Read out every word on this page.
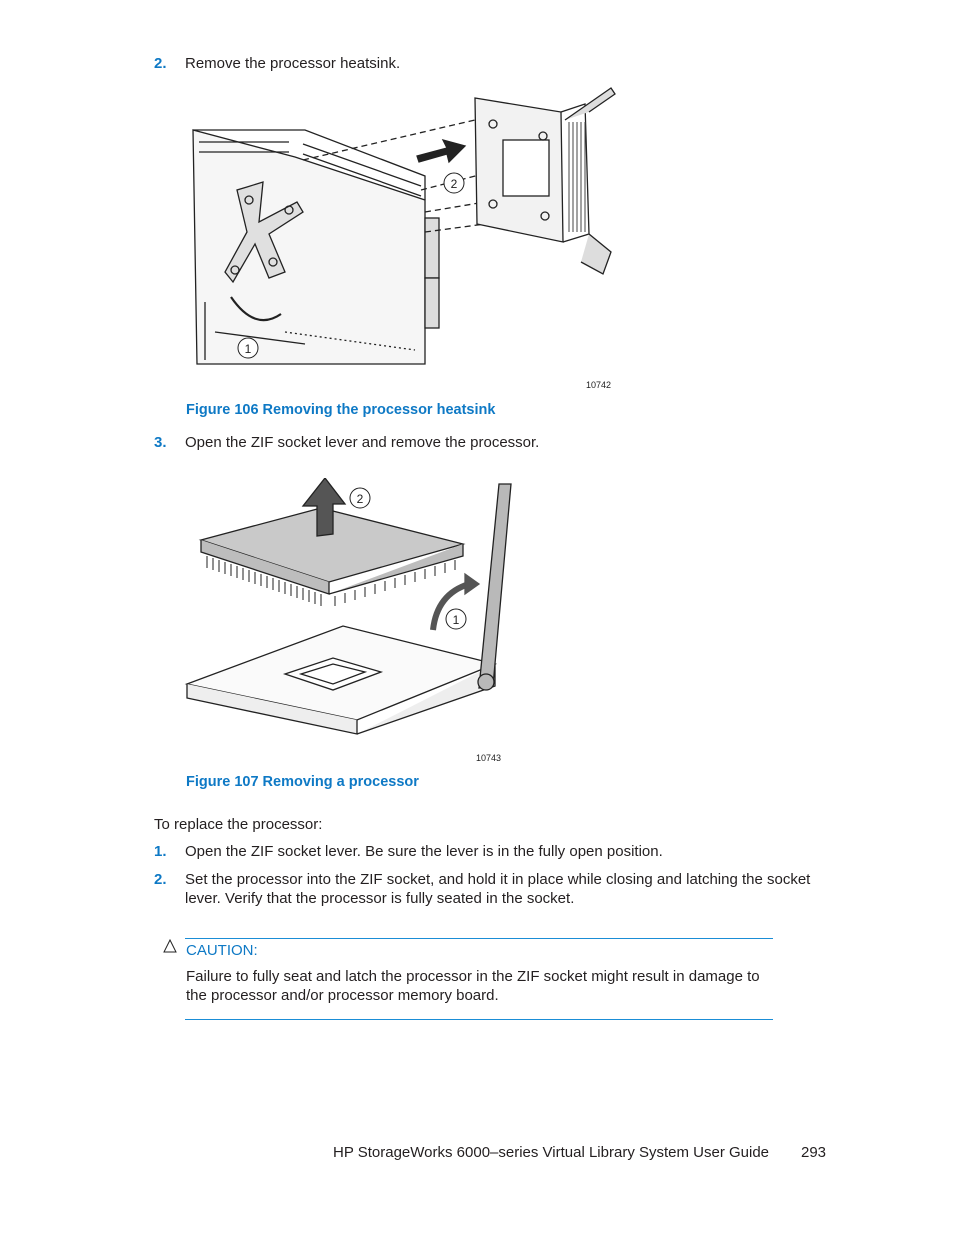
2. Remove the processor heatsink.
1
2
10742
Figure 106 Removing the processor heatsink
3. Open the ZIF socket lever and remove the processor.
1
2
10743
Figure 107 Removing a processor
To replace the processor:
1. Open the ZIF socket lever. Be sure the lever is in the fully open position.
2. Set the processor into the ZIF socket, and hold it in place while closing and latching the socket lever. Verify that the processor is fully seated in the socket.
CAUTION:
Failure to fully seat and latch the processor in the ZIF socket might result in damage to the processor and/or processor memory board.
HP StorageWorks 6000–series Virtual Library System User Guide 293
